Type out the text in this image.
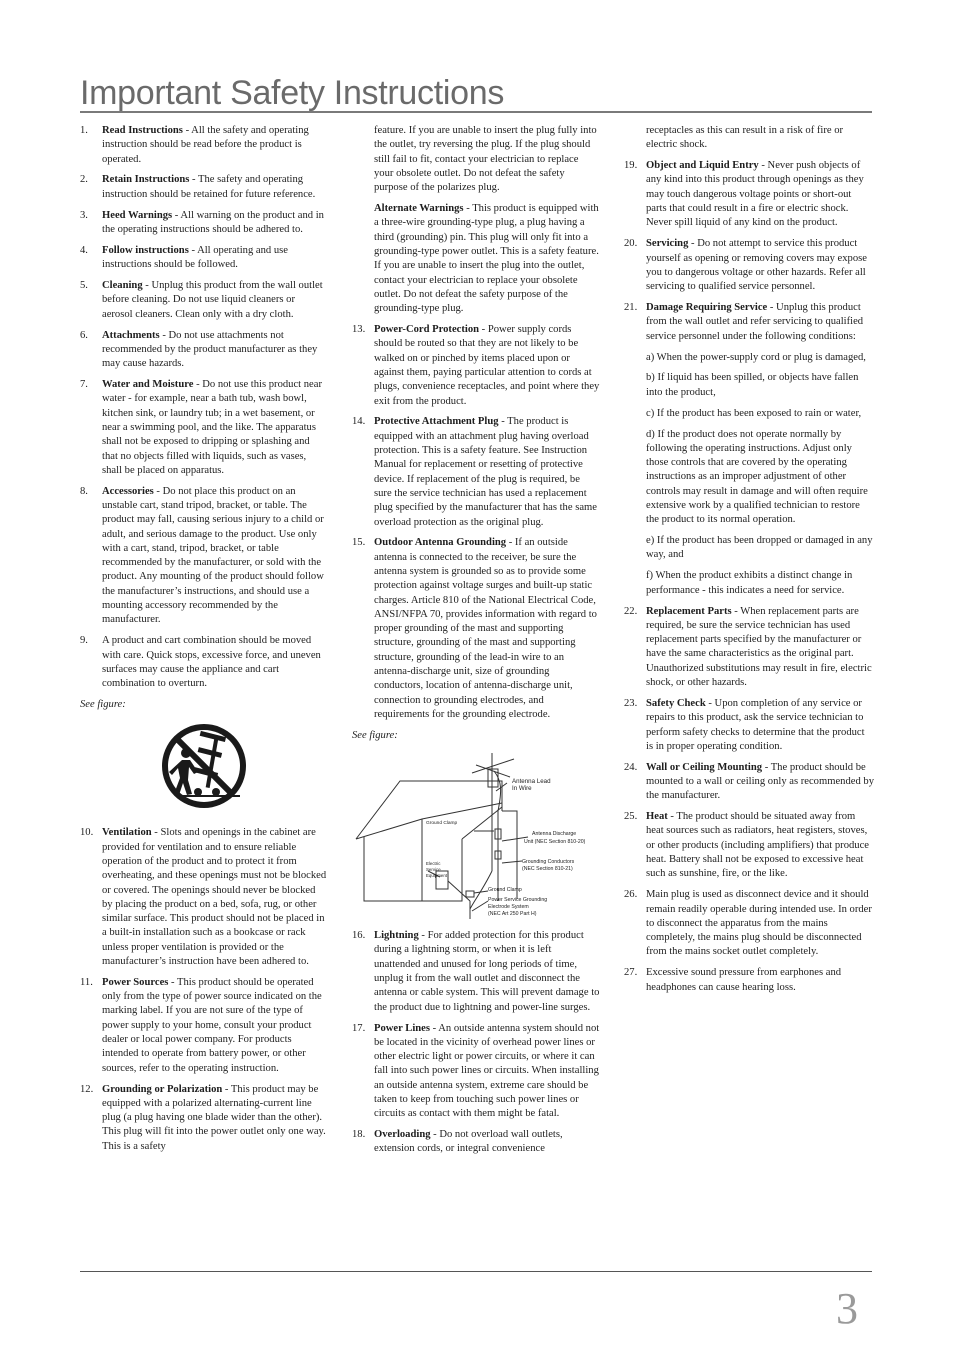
Important Safety Instructions
1.	Read Instructions - All the safety and operating instruction should be read before the product is operated.
2.	Retain Instructions - The safety and operating instruction should be retained for future reference.
3.	Heed Warnings - All warning on the product and in the operating instructions should be adhered to.
4.	Follow instructions - All operating and use instructions should be followed.
5.	Cleaning - Unplug this product from the wall outlet before cleaning. Do not use liquid cleaners or aerosol cleaners. Clean only with a dry cloth.
6.	Attachments - Do not use attachments not recommended by the product manufacturer as they may cause hazards.
7.	Water and Moisture - Do not use this product near water - for example, near a bath tub, wash bowl, kitchen sink, or laundry tub; in a wet basement, or near a swimming pool, and the like. The apparatus shall not be exposed to dripping or splashing and that no objects filled with liquids, such as vases, shall be placed on apparatus.
8.	Accessories - Do not place this product on an unstable cart, stand tripod, bracket, or table. The product may fall, causing serious injury to a child or adult, and serious damage to the product. Use only with a cart, stand, tripod, bracket, or table recommended by the manufacturer, or sold with the product. Any mounting of the product should follow the manufacturer’s instructions, and should use a mounting accessory recommended by the manufacturer.
9.	A product and cart combination should be moved with care. Quick stops, excessive force, and uneven surfaces may cause the appliance and cart combination to overturn.
See figure:
10. Ventilation - Slots and openings in the cabinet are provided for ventilation and to ensure reliable operation of the product and to protect it from overheating, and these openings must not be blocked or covered. The openings should never be blocked by placing the product on a bed, sofa, rug, or other similar surface. This product should not be placed in a built-in installation such as a bookcase or rack unless proper ventilation is provided or the manufacturer’s instruction have been adhered to.
11. Power Sources - This product should be operated only from the type of power source indicated on the marking label. If you are not sure of the type of power supply to your home, consult your product dealer or local power company. For products intended to operate from battery power, or other sources, refer to the operating instruction.
12. Grounding or Polarization - This product may be equipped with a polarized alternating-current line plug (a plug having one blade wider than the other). This plug will fit into the power outlet only one way. This is a safety
feature. If you are unable to insert the plug fully into the outlet, try reversing the plug. If the plug should still fail to fit, contact your electrician to replace your obsolete outlet. Do not defeat the safety purpose of the polarizes plug.
Alternate Warnings - This product is equipped with a three-wire grounding-type plug, a plug having a third (grounding) pin. This plug will only fit into a grounding-type power outlet. This is a safety feature. If you are unable to insert the plug into the outlet, contact your electrician to replace your obsolete outlet. Do not defeat the safety purpose of the grounding-type plug.
13. Power-Cord Protection - Power supply cords should be routed so that they are not likely to be walked on or pinched by items placed upon or against them, paying particular attention to cords at plugs, convenience receptacles, and point where they exit from the product.
14. Protective Attachment Plug - The product is equipped with an attachment plug having overload protection. This is a safety feature. See Instruction Manual for replacement or resetting of protective device. If replacement of the plug is required, be sure the service technician has used a replacement plug specified by the manufacturer that has the same overload protection as the original plug.
15. Outdoor Antenna Grounding - If an outside antenna is connected to the receiver, be sure the antenna system is grounded so as to provide some protection against voltage surges and built-up static charges. Article 810 of the National Electrical Code, ANSI/NFPA 70, provides information with regard to proper grounding of the mast and supporting structure, grounding of the mast and supporting structure, grounding of the lead-in wire to an antenna-discharge unit, size of grounding conductors, location of antenna-discharge unit, connection to grounding electrodes, and requirements for the grounding electrode.
See figure:
Antenna Lead
In Wire
Ground Clamp
Antenna Discharge
Unit (NEC Section 810-20)
Grounding Conductors
(NEC Section 810-21)
Electric
Service
Equipment
Ground Clamp
Power Service Grounding
Electrode System
(NEC Art 250 Part H)
16. Lightning - For added protection for this product during a lightning storm, or when it is left unattended and unused for long periods of time, unplug it from the wall outlet and disconnect the antenna or cable system. This will prevent damage to the product due to lightning and power-line surges.
17. Power Lines - An outside antenna system should not be located in the vicinity of overhead power lines or other electric light or power circuits, or where it can fall into such power lines or circuits. When installing an outside antenna system, extreme care should be taken to keep from touching such power lines or circuits as contact with them might be fatal.
18. Overloading - Do not overload wall outlets, extension cords, or integral convenience
receptacles as this can result in a risk of fire or electric shock.
19. Object and Liquid Entry - Never push objects of any kind into this product through openings as they may touch dangerous voltage points or short-out parts that could result in a fire or electric shock. Never spill liquid of any kind on the product.
20. Servicing - Do not attempt to service this product yourself as opening or removing covers may expose you to dangerous voltage or other hazards. Refer all servicing to qualified service personnel.
21. Damage Requiring Service - Unplug this product from the wall outlet and refer servicing to qualified service personnel under the following conditions:
a) When the power-supply cord or plug is damaged,
b) If liquid has been spilled, or objects have fallen into the product,
c) If the product has been exposed to rain or water,
d) If the product does not operate normally by following the operating instructions. Adjust only those controls that are covered by the operating instructions as an improper adjustment of other controls may result in damage and will often require extensive work by a qualified technician to restore the product to its normal operation.
e) If the product has been dropped or damaged in any way, and
f) When the product exhibits a distinct change in performance - this indicates a need for service.
22. Replacement Parts - When replacement parts are required, be sure the service technician has used replacement parts specified by the manufacturer or have the same characteristics as the original part. Unauthorized substitutions may result in fire, electric shock, or other hazards.
23. Safety Check - Upon completion of any service or repairs to this product, ask the service technician to perform safety checks to determine that the product is in proper operating condition.
24. Wall or Ceiling Mounting - The product should be mounted to a wall or ceiling only as recommended by the manufacturer.
25. Heat - The product should be situated away from heat sources such as radiators, heat registers, stoves, or other products (including amplifiers) that produce heat. Battery shall not be exposed to excessive heat such as sunshine, fire, or the like.
26. Main plug is used as disconnect device and it should remain readily operable during intended use. In order to disconnect the apparatus from the mains completely, the mains plug should be disconnected from the mains socket outlet completely.
27. Excessive sound pressure from earphones and headphones can cause hearing loss.
3
